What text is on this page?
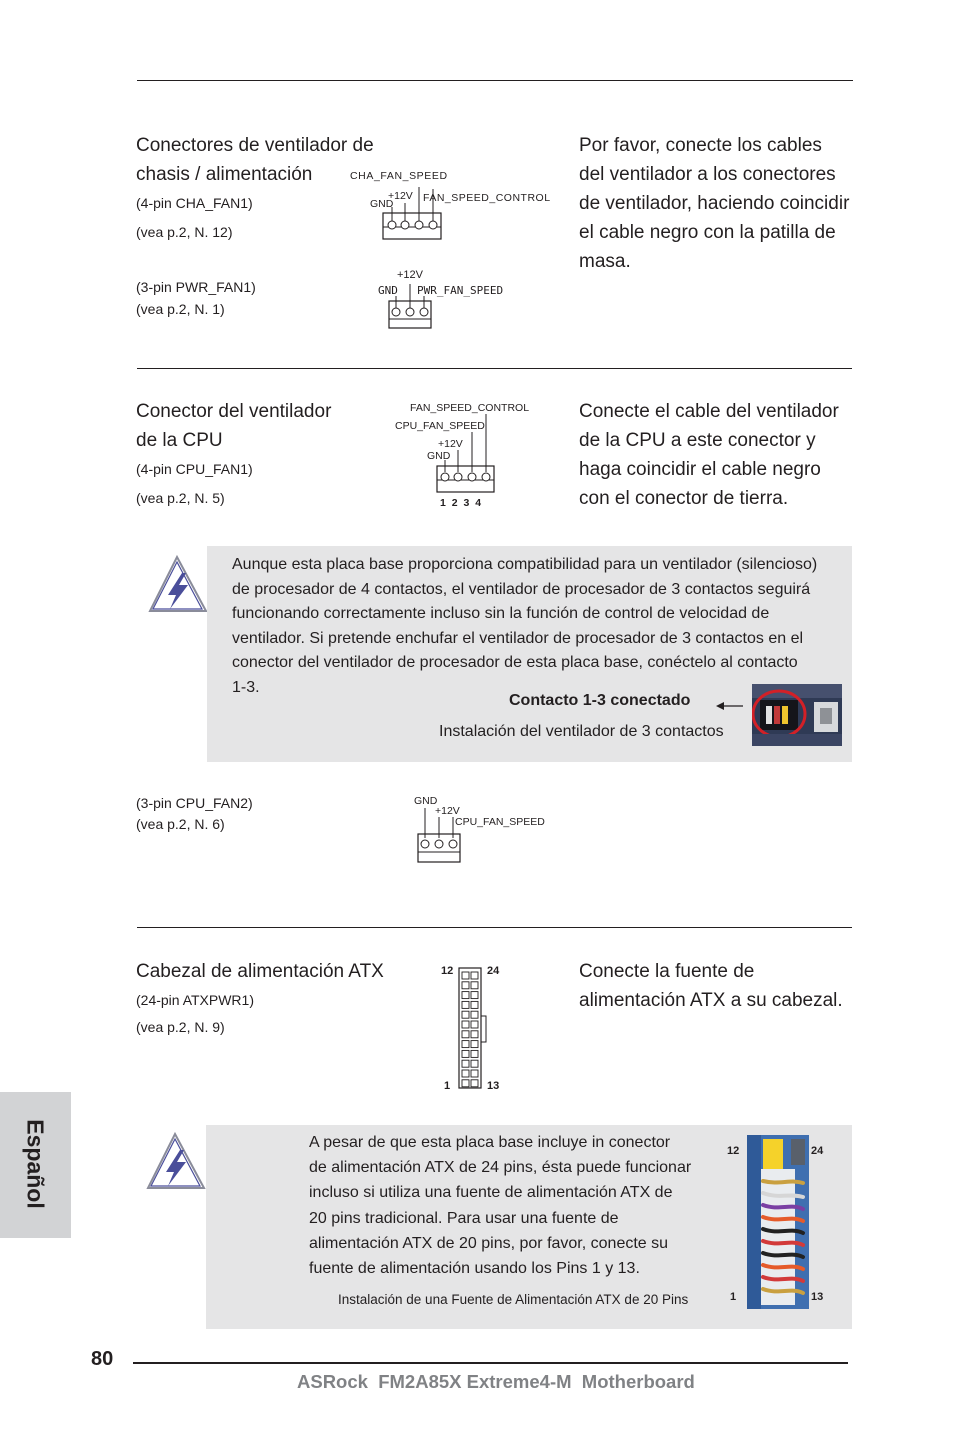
Conectores de ventilador de
chasis / alimentación
(4-pin CHA_FAN1)
(vea p.2, N. 12)
(3-pin PWR_FAN1)
(vea p.2, N. 1)
Por favor, conecte los cables
del ventilador a los conectores
de ventilador, haciendo coincidir
el cable negro con la patilla de
masa.
CHA_FAN_SPEED
+12V
GND	FAN_SPEED_CONTROL
+12V
GND PWR_FAN_SPEED
Conector del ventilador
de la CPU
(4-pin CPU_FAN1)
(vea p.2, N. 5)
Conecte el cable del ventilador
de la CPU a este conector y
haga coincidir el cable negro
con el conector de tierra.
FAN_SPEED_CONTROL
CPU_FAN_SPEED
+12V
GND
1 2 3 4
Aunque esta placa base proporciona compatibilidad para un ventilador (silencioso)
de procesador de 4 contactos, el ventilador de procesador de 3 contactos seguirá
funcionando correctamente incluso sin la función de control de velocidad de
ventilador. Si pretende enchufar el ventilador de procesador de 3 contactos en el
conector del ventilador de procesador de esta placa base, conéctelo al contacto
1-3.
Contacto 1-3 conectado
Instalación del ventilador de 3 contactos
(3-pin CPU_FAN2)
(vea p.2, N. 6)
GND
+12V
CPU_FAN_SPEED
Cabezal de alimentación ATX
(24-pin ATXPWR1)
(vea p.2, N. 9)
Conecte la fuente de
alimentación ATX a su cabezal.
12	24
1	13
A pesar de que esta placa base incluye in conector
de alimentación ATX de 24 pins, ésta puede funcionar
incluso si utiliza una fuente de alimentación ATX de
20 pins tradicional. Para usar una fuente de
alimentación ATX de 20 pins, por favor, conecte su
fuente de alimentación usando los Pins 1 y 13.
Instalación de una Fuente de Alimentación ATX de 20 Pins
12	24
1	13
Español
80
ASRock  FM2A85X Extreme4-M  Motherboard
